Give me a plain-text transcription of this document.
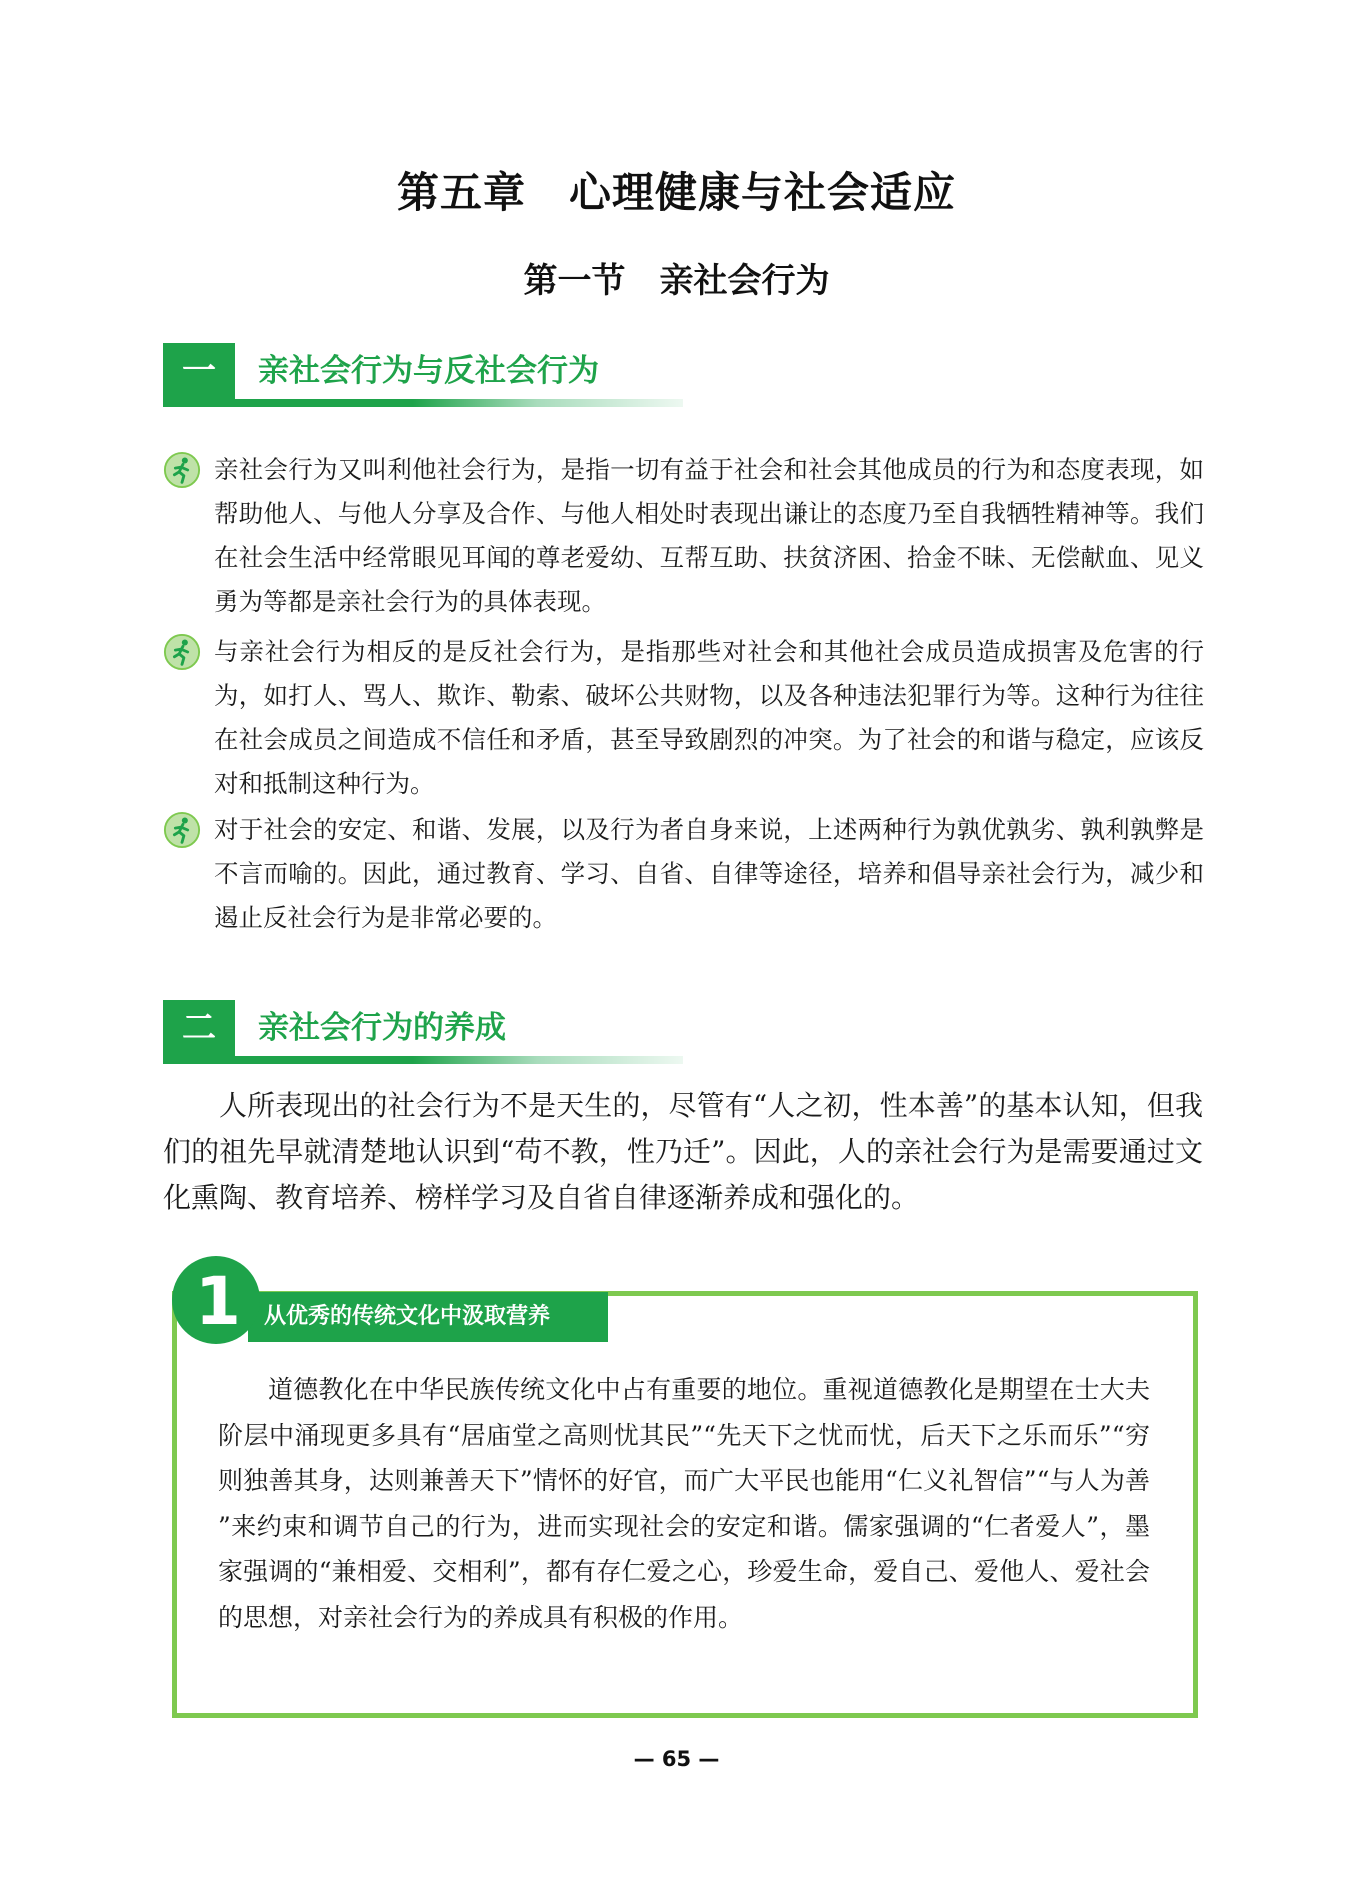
第五章　心理健康与社会适应
第一节　亲社会行为
一	亲社会行为与反社会行为
亲社会行为又叫利他社会行为，是指一切有益于社会和社会其他成员的行为和态度表现，如帮助他人、与他人分享及合作、与他人相处时表现出谦让的态度乃至自我牺牲精神等。我们在社会生活中经常眼见耳闻的尊老爱幼、互帮互助、扶贫济困、拾金不昧、无偿献血、见义勇为等都是亲社会行为的具体表现。
与亲社会行为相反的是反社会行为，是指那些对社会和其他社会成员造成损害及危害的行为，如打人、骂人、欺诈、勒索、破坏公共财物，以及各种违法犯罪行为等。这种行为往往在社会成员之间造成不信任和矛盾，甚至导致剧烈的冲突。为了社会的和谐与稳定，应该反对和抵制这种行为。
对于社会的安定、和谐、发展，以及行为者自身来说，上述两种行为孰优孰劣、孰利孰弊是不言而喻的。因此，通过教育、学习、自省、自律等途径，培养和倡导亲社会行为，减少和遏止反社会行为是非常必要的。
二	亲社会行为的养成
人所表现出的社会行为不是天生的，尽管有“人之初，性本善”的基本认知，但我们的祖先早就清楚地认识到“苟不教，性乃迁”。因此，人的亲社会行为是需要通过文化熏陶、教育培养、榜样学习及自省自律逐渐养成和强化的。
从优秀的传统文化中汲取营养
1
道德教化在中华民族传统文化中占有重要的地位。重视道德教化是期望在士大夫阶层中涌现更多具有“居庙堂之高则忧其民”“先天下之忧而忧，后天下之乐而乐”“穷则独善其身，达则兼善天下”情怀的好官，而广大平民也能用“仁义礼智信”“与人为善 ”来约束和调节自己的行为，进而实现社会的安定和谐。儒家强调的“仁者爱人”，墨家强调的“兼相爱、交相利”，都有存仁爱之心，珍爱生命，爱自己、爱他人、爱社会的思想，对亲社会行为的养成具有积极的作用。
— 65 —
